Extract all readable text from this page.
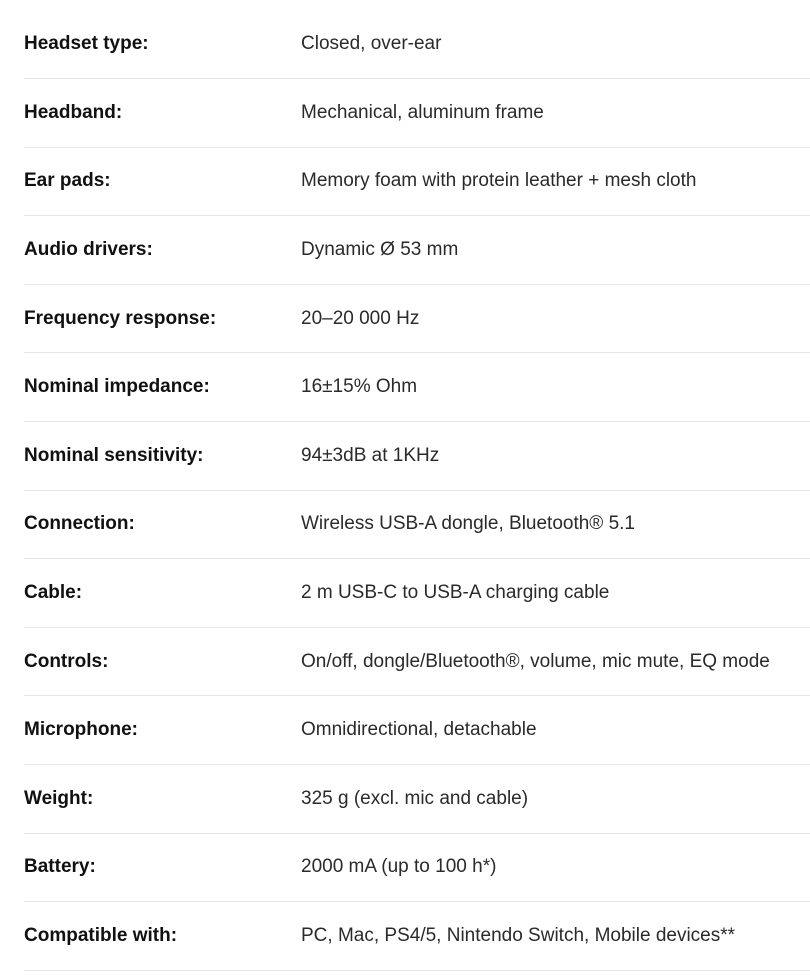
Headset type:	Closed, over-ear
Headband:	Mechanical, aluminum frame
Ear pads:	Memory foam with protein leather + mesh cloth
Audio drivers:	Dynamic Ø 53 mm
Frequency response:	20–20 000 Hz
Nominal impedance:	16±15% Ohm
Nominal sensitivity:	94±3dB at 1KHz
Connection:	Wireless USB-A dongle, Bluetooth® 5.1
Cable:	2 m USB-C to USB-A charging cable
Controls:	On/off, dongle/Bluetooth®, volume, mic mute, EQ mode
Microphone:	Omnidirectional, detachable
Weight:	325 g (excl. mic and cable)
Battery:	2000 mA (up to 100 h*)
Compatible with:	PC, Mac, PS4/5, Nintendo Switch, Mobile devices**
